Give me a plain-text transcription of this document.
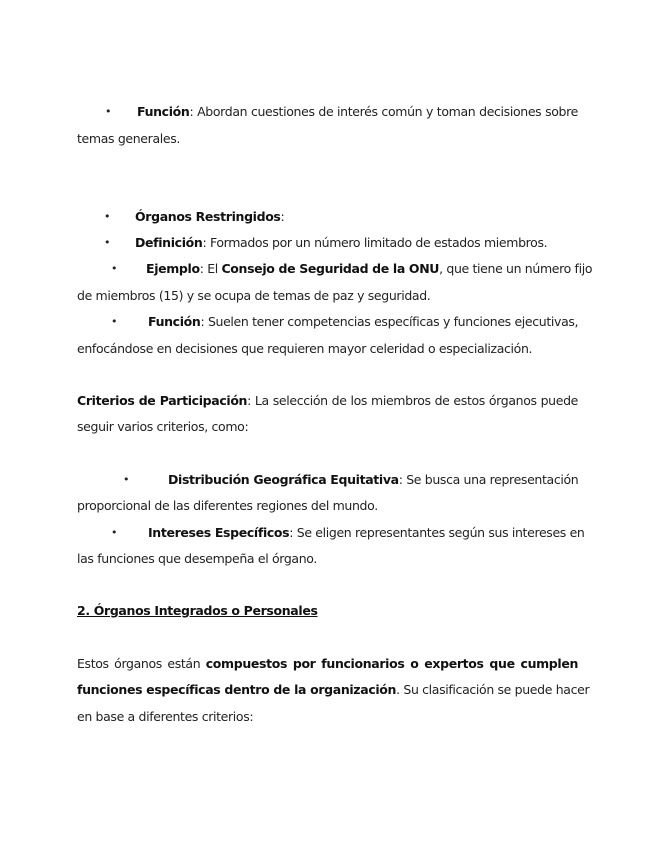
• Función: Abordan cuestiones de interés común y toman decisiones sobre
temas generales.
• Órganos Restringidos:
• Definición: Formados por un número limitado de estados miembros.
• Ejemplo: El Consejo de Seguridad de la ONU, que tiene un número fijo
de miembros (15) y se ocupa de temas de paz y seguridad.
• Función: Suelen tener competencias específicas y funciones ejecutivas,
enfocándose en decisiones que requieren mayor celeridad o especialización.
Criterios de Participación: La selección de los miembros de estos órganos puede
seguir varios criterios, como:
•	Distribución Geográfica Equitativa: Se busca una representación
proporcional de las diferentes regiones del mundo.
• Intereses Específicos: Se eligen representantes según sus intereses en
las funciones que desempeña el órgano.
2. Órganos Integrados o Personales
Estos órganos están compuestos por funcionarios o expertos que cumplen
funciones específicas dentro de la organización. Su clasificación se puede hacer
en base a diferentes criterios:
